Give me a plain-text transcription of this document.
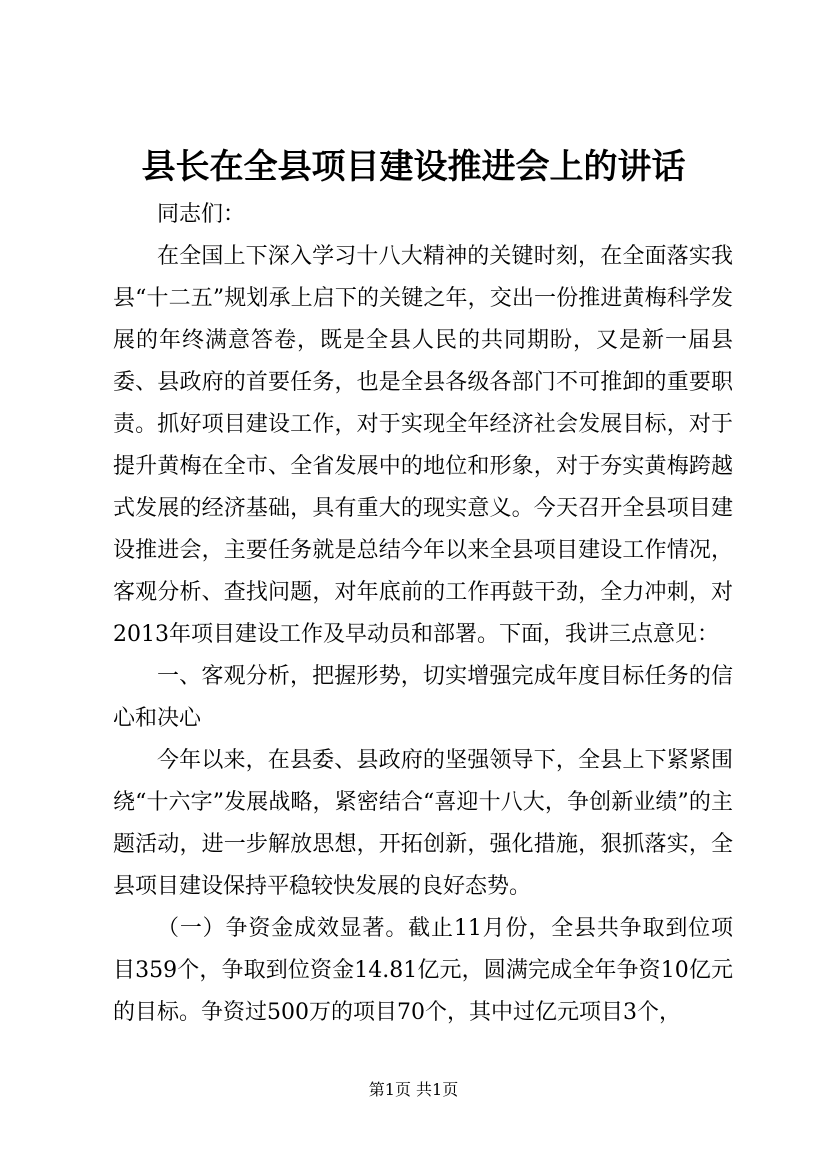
县长在全县项目建设推进会上的讲话

同志们：

在全国上下深入学习十八大精神的关键时刻，在全面落实我县“十二五”规划承上启下的关键之年，交出一份推进黄梅科学发展的年终满意答卷，既是全县人民的共同期盼，又是新一届县委、县政府的首要任务，也是全县各级各部门不可推卸的重要职责。抓好项目建设工作，对于实现全年经济社会发展目标，对于提升黄梅在全市、全省发展中的地位和形象，对于夯实黄梅跨越式发展的经济基础，具有重大的现实意义。今天召开全县项目建设推进会，主要任务就是总结今年以来全县项目建设工作情况，客观分析、查找问题，对年底前的工作再鼓干劲，全力冲刺，对2013年项目建设工作及早动员和部署。下面，我讲三点意见：

一、客观分析，把握形势，切实增强完成年度目标任务的信心和决心

今年以来，在县委、县政府的坚强领导下，全县上下紧紧围绕“十六字”发展战略，紧密结合“喜迎十八大，争创新业绩”的主题活动，进一步解放思想，开拓创新，强化措施，狠抓落实，全县项目建设保持平稳较快发展的良好态势。

（一）争资金成效显著。截止11月份，全县共争取到位项目359个，争取到位资金14.81亿元，圆满完成全年争资10亿元的目标。争资过500万的项目70个，其中过亿元项目3个，

第1页 共1页
